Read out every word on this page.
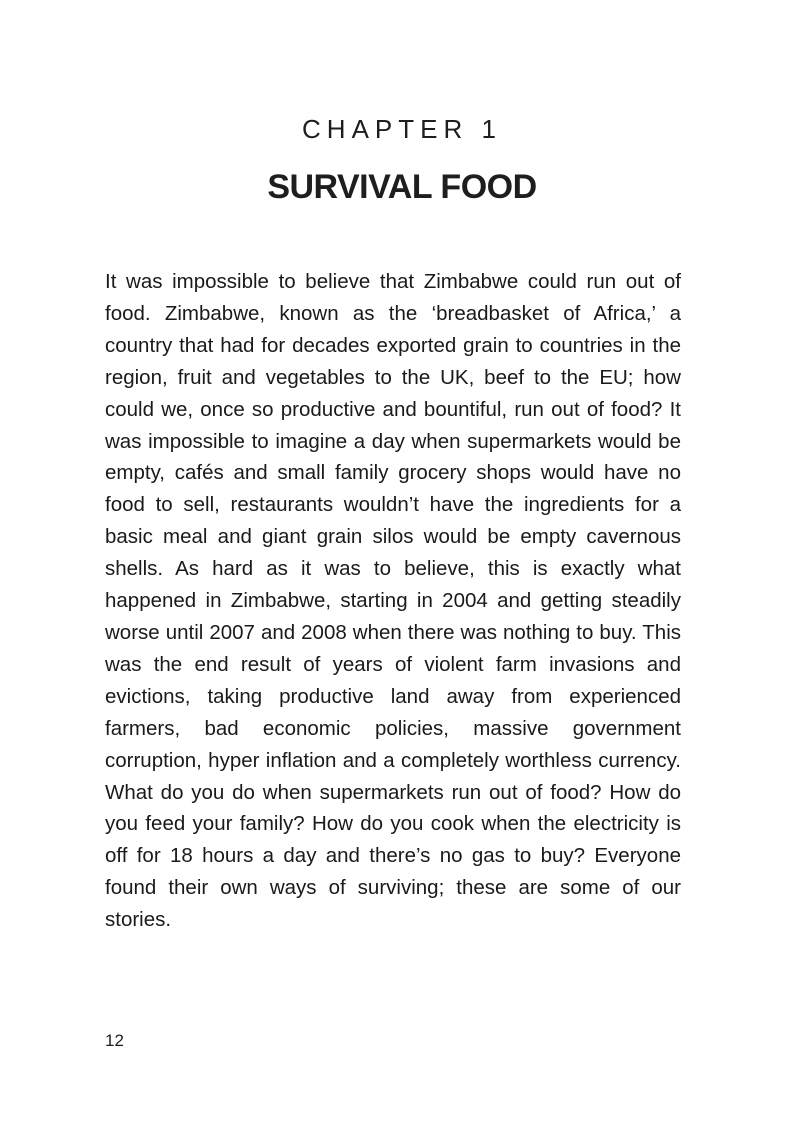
CHAPTER 1
SURVIVAL FOOD

It was impossible to believe that Zimbabwe could run out of food. Zimbabwe, known as the ‘breadbasket of Africa,’ a country that had for decades exported grain to countries in the region, fruit and vegetables to the UK, beef to the EU; how could we, once so productive and bountiful, run out of food? It was impossible to imagine a day when supermarkets would be empty, cafés and small family grocery shops would have no food to sell, restaurants wouldn’t have the ingredients for a basic meal and giant grain silos would be empty cavernous shells. As hard as it was to believe, this is exactly what happened in Zimbabwe, starting in 2004 and getting steadily worse until 2007 and 2008 when there was nothing to buy. This was the end result of years of violent farm invasions and evictions, taking productive land away from experienced farmers, bad economic policies, massive government corruption, hyper inflation and a completely worthless currency. What do you do when supermarkets run out of food? How do you feed your family? How do you cook when the electricity is off for 18 hours a day and there’s no gas to buy? Everyone found their own ways of surviving; these are some of our stories.

12
